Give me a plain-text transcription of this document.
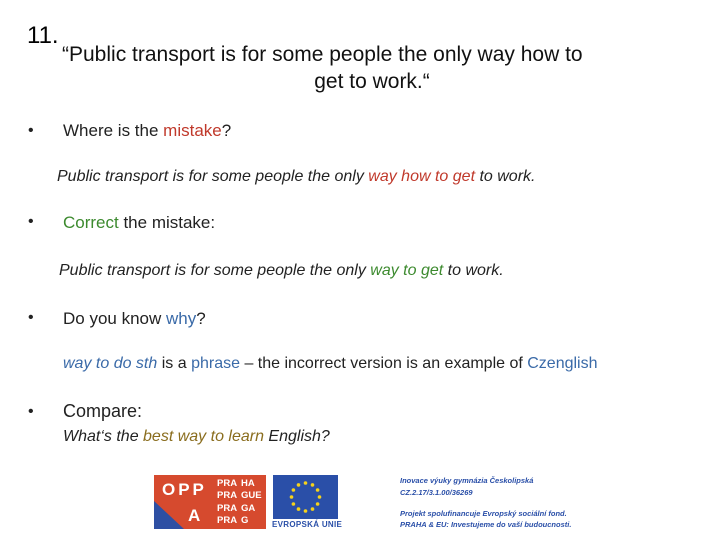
11.
“Public transport is for some people the only way how to
get to work.“
• Where is the mistake?
Public transport is for some people the only way how to get to work.
• Correct the mistake:
Public transport is for some people the only way to get to work.
• Do you know why?
way to do sth is a phrase – the incorrect version is an example of Czenglish
• Compare:
What‘s the best way to learn English?
OPP
A
PRA
PRA
PRA
PRA
HA
GUE
GA
G	EVROPSKÁ UNIE
Inovace výuky gymnázia Českolipská
CZ.2.17/3.1.00/36269
Projekt spolufinancuje Evropský sociální fond.
PRAHA & EU: Investujeme do vaší budoucnosti.
